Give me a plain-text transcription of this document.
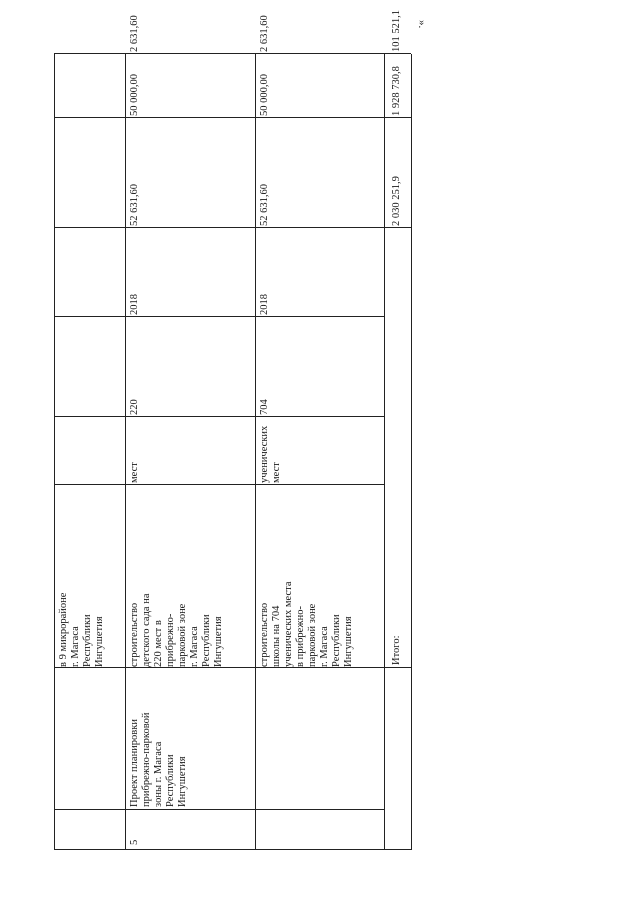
в 9 микрорайоне
г. Магаса
Республики
Ингушетия
5
Проект планировки
прибрежно-парковой
зоны г. Магаса
Республики
Ингушетия
строительство
детского сада на
220 мест в
прибрежно-
парковой зоне
г. Магаса
Республики
Ингушетия
мест
220
2018
52 631,60
50 000,00
2 631,60
строительство
школы на 704
ученических места
в прибрежно-
парковой зоне
г. Магаса
Республики
Ингушетия
ученических
мест
704
2018
52 631,60
50 000,00
2 631,60
Итого:
2 030 251,9
1 928 730,8
101 521,1 ».
